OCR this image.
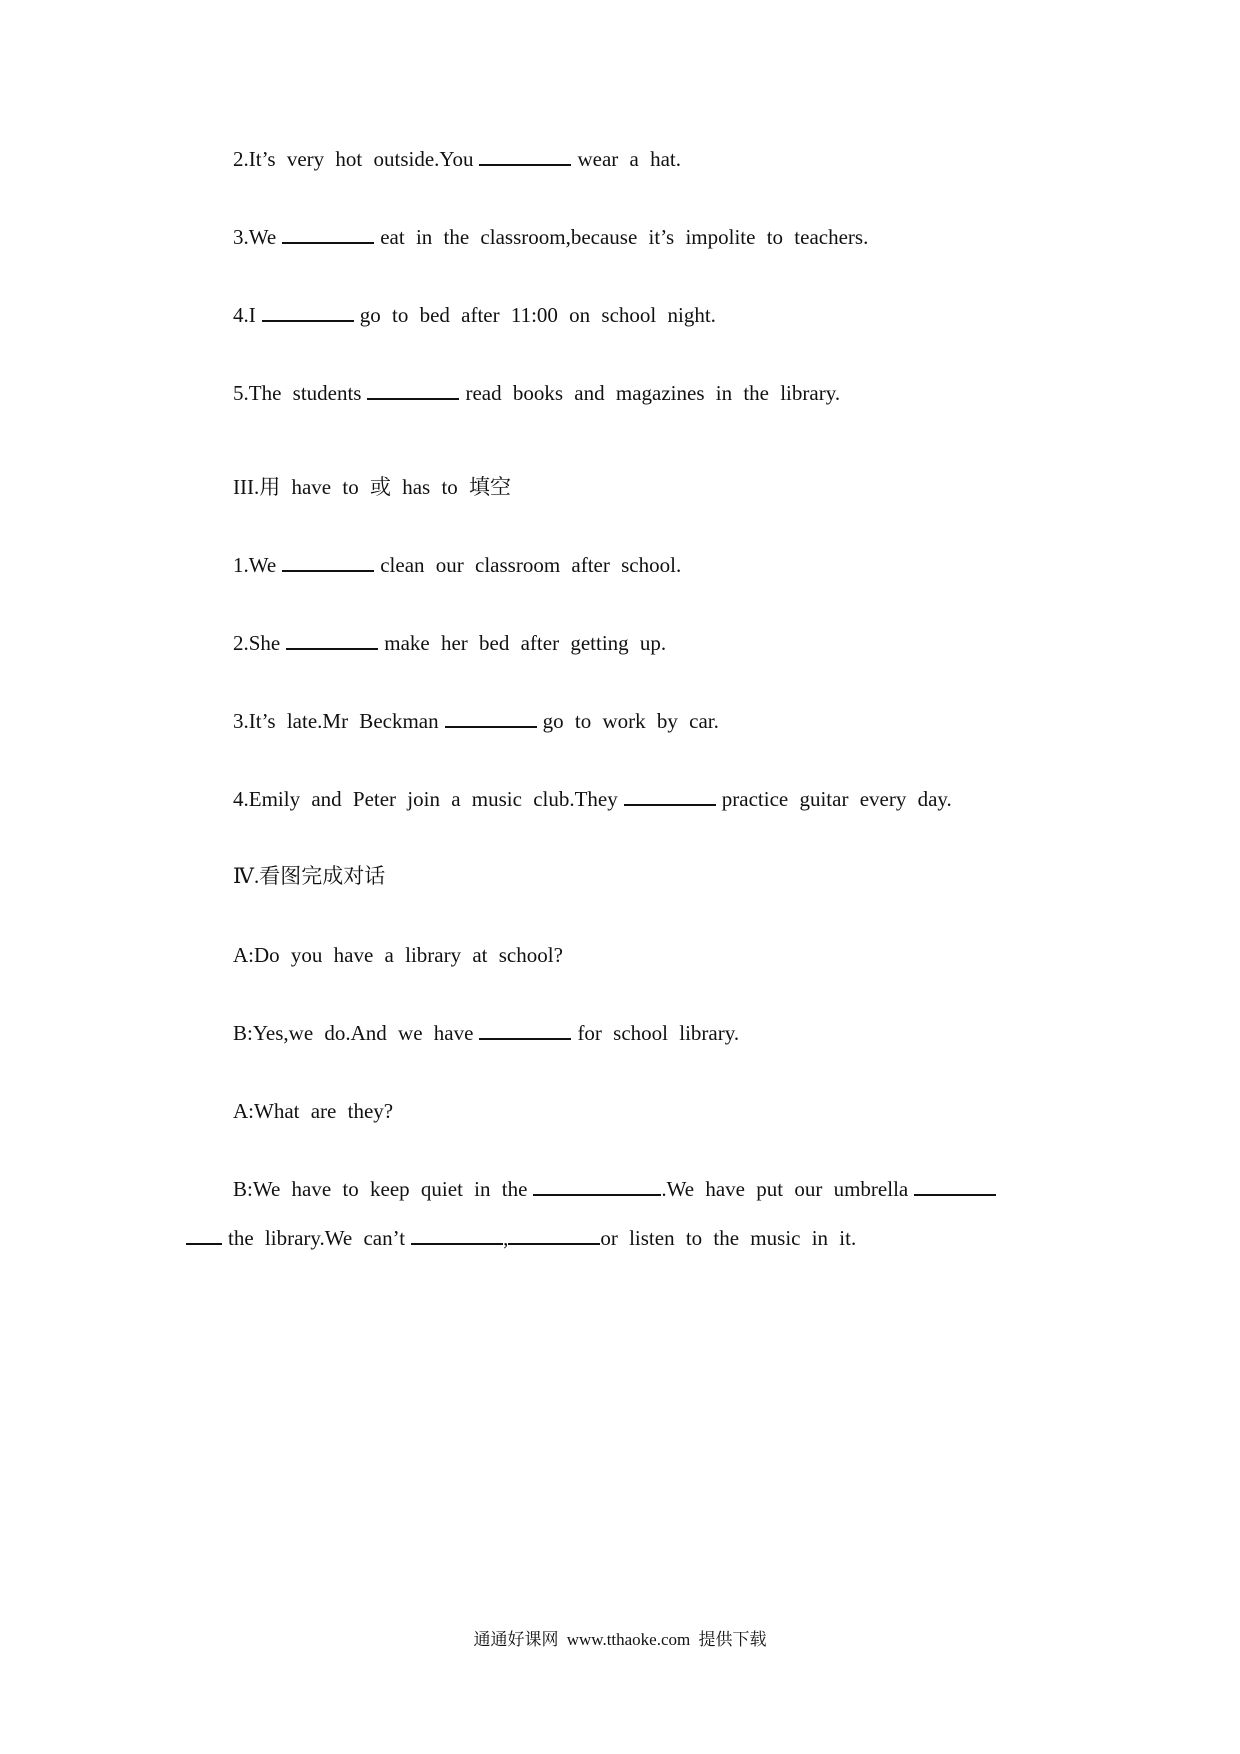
2.It’s very hot outside.You	wear a hat.
3.We	eat in the classroom,because it’s impolite to teachers.
4.I	go to bed after 11:00 on school night.
5.The students	read books and magazines in the library.
III.用 have to 或 has to 填空
1.We	clean our classroom after school.
2.She	make her bed after getting up.
3.It’s late.Mr Beckman	go to work by car.
4.Emily and Peter join a music club.They	practice guitar every day.
Ⅳ.看图完成对话
A:Do you have a library at school?
B:Yes,we do.And we have	for school library.
A:What are they?
B:We have to keep quiet in the	.We have put our umbrella
the library.We can’t	,	or listen to the music in it.
通通好课网 www.tthaoke.com 提供下载
